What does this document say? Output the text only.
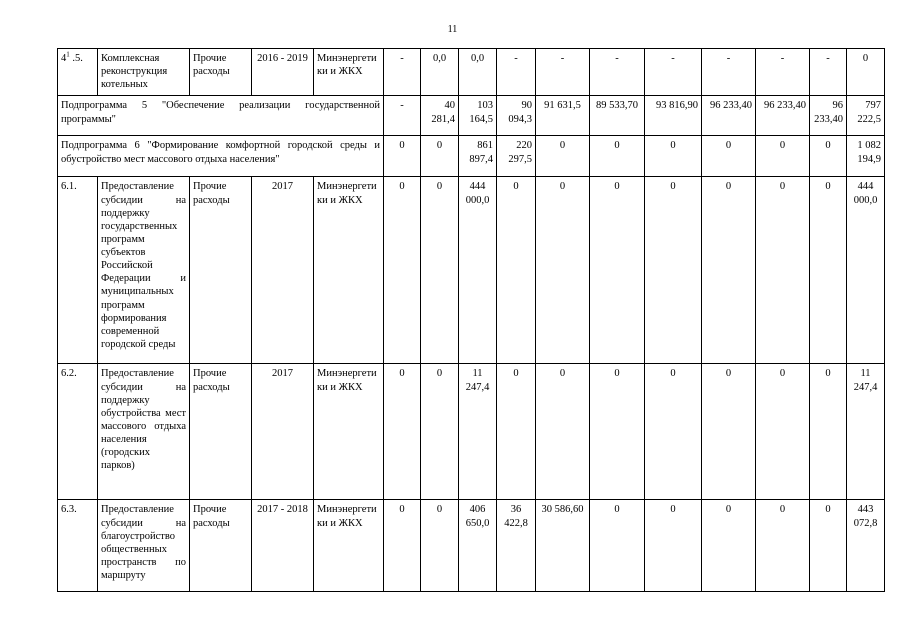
11
$4^1$ .5.	Комплексная реконструкция котельных	Прочие расходы	2016 - 2019	Минэнергетики и ЖКХ	-	0,0	0,0	-	-	-	-	-	-	-	0
Подпрограмма 5 "Обеспечение реализации государственной программы"					-	40 281,4	103 164,5	90 094,3	91 631,5	89 533,70	93 816,90	96 233,40	96 233,40	96 233,40	797 222,5
Подпрограмма 6 "Формирование комфортной городской среды и обустройство мест массового отдыха населения"					0	0	861 897,4	220 297,5	0	0	0	0	0	0	1 082 194,9
6.1.	Предоставление субсидии на поддержку государственных программ субъектов Российской Федерации и муниципальных программ формирования современной городской среды	Прочие расходы	2017	Минэнергетики и ЖКХ	0	0	444 000,0	0	0	0	0	0	0	0	444 000,0
6.2.	Предоставление субсидии на поддержку обустройства мест массового отдыха населения (городских парков)	Прочие расходы	2017	Минэнергетики и ЖКХ	0	0	11 247,4	0	0	0	0	0	0	0	11 247,4
6.3.	Предоставление субсидии на благоустройство общественных пространств по маршруту	Прочие расходы	2017 - 2018	Минэнергетики и ЖКХ	0	0	406 650,0	36 422,8	30 586,60	0	0	0	0	0	443 072,8
